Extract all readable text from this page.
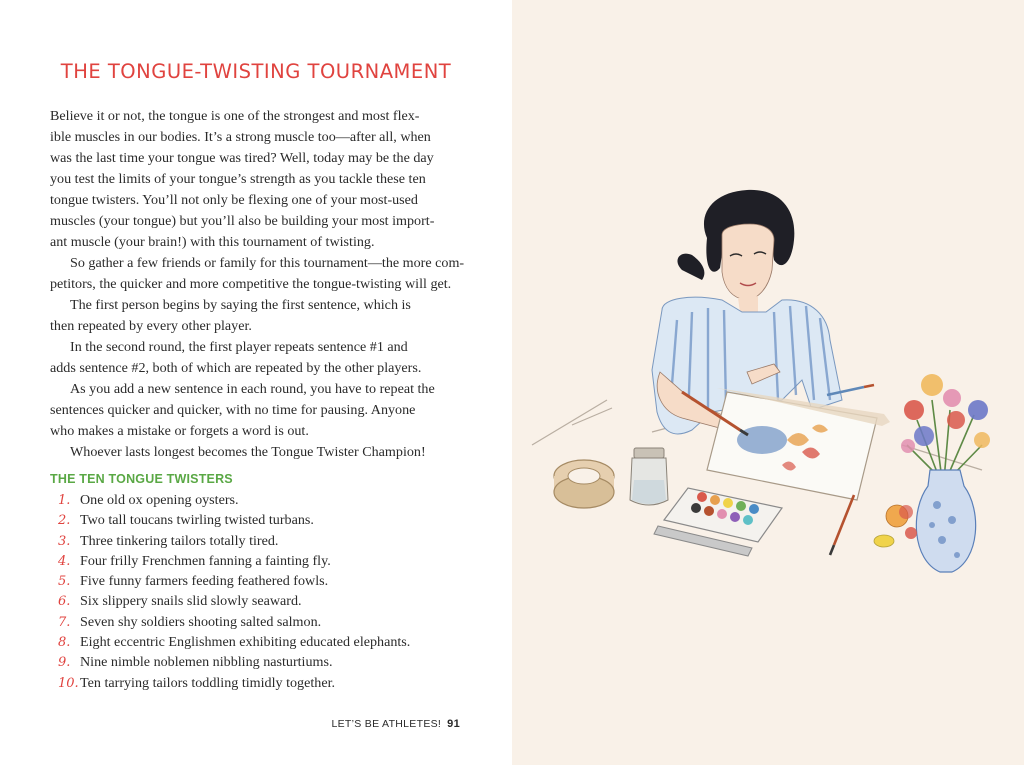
THE TONGUE-TWISTING TOURNAMENT

Believe it or not, the tongue is one of the strongest and most flex-

ible muscles in our bodies. It’s a strong muscle too—after all, when

was the last time your tongue was tired? Well, today may be the day

you test the limits of your tongue’s strength as you tackle these ten

tongue twisters. You’ll not only be flexing one of your most-used

muscles (your tongue) but you’ll also be building your most import-

ant muscle (your brain!) with this tournament of twisting.

So gather a few friends or family for this tournament—the more com-

petitors, the quicker and more competitive the tongue-twisting will get.

The first person begins by saying the first sentence, which is

then repeated by every other player.

In the second round, the first player repeats sentence #1 and

adds sentence #2, both of which are repeated by the other players.

As you add a new sentence in each round, you have to repeat the

sentences quicker and quicker, with no time for pausing. Anyone

who makes a mistake or forgets a word is out.

Whoever lasts longest becomes the Tongue Twister Champion!

THE TEN TONGUE TWISTERS
1. One old ox opening oysters.
2. Two tall toucans twirling twisted turbans.
3. Three tinkering tailors totally tired.
4. Four frilly Frenchmen fanning a fainting fly.
5. Five funny farmers feeding feathered fowls.
6. Six slippery snails slid slowly seaward.
7. Seven shy soldiers shooting salted salmon.
8. Eight eccentric Englishmen exhibiting educated elephants.
9. Nine nimble noblemen nibbling nasturtiums.
10.Ten tarrying tailors toddling timidly together.
LET’S BE ATHLETES! 91
